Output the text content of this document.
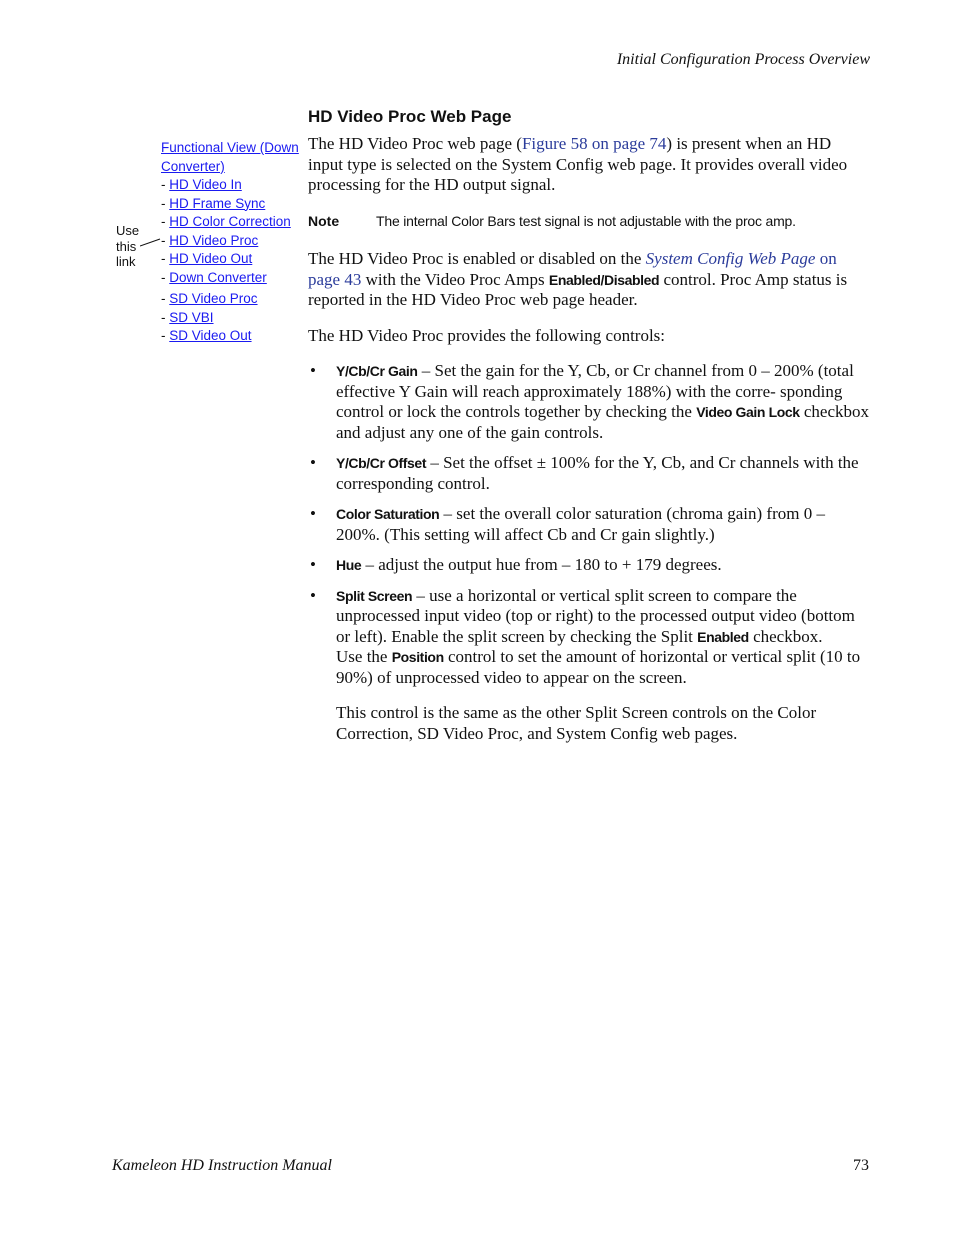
Initial Configuration Process Overview
HD Video Proc Web Page
Use
this
link
Functional View (Down Converter)
- HD Video In
- HD Frame Sync
- HD Color Correction
- HD Video Proc
- HD Video Out
- Down Converter
- SD Video Proc
- SD VBI
- SD Video Out

The HD Video Proc web page (Figure 58 on page 74) is present when an HD input type is selected on the System Config web page. It provides overall video processing for the HD output signal.

Note	The internal Color Bars test signal is not adjustable with the proc amp.

The HD Video Proc is enabled or disabled on the System Config Web Page on page 43 with the Video Proc Amps Enabled/Disabled control. Proc Amp status is reported in the HD Video Proc web page header.

The HD Video Proc provides the following controls:

• Y/Cb/Cr Gain – Set the gain for the Y, Cb, or Cr channel from 0 – 200% (total effective Y Gain will reach approximately 188%) with the corre- sponding control or lock the controls together by checking the Video Gain Lock checkbox and adjust any one of the gain controls.
• Y/Cb/Cr Offset – Set the offset ± 100% for the Y, Cb, and Cr channels with the corresponding control.
• Color Saturation – set the overall color saturation (chroma gain) from 0 – 200%. (This setting will affect Cb and Cr gain slightly.)
• Hue – adjust the output hue from – 180 to + 179 degrees.
• Split Screen – use a horizontal or vertical split screen to compare the unprocessed input video (top or right) to the processed output video (bottom or left). Enable the split screen by checking the Split Enabled checkbox.

Use the Position control to set the amount of horizontal or vertical split (10 to 90%) of unprocessed video to appear on the screen.

This control is the same as the other Split Screen controls on the Color Correction, SD Video Proc, and System Config web pages.

Kameleon HD Instruction Manual	73
